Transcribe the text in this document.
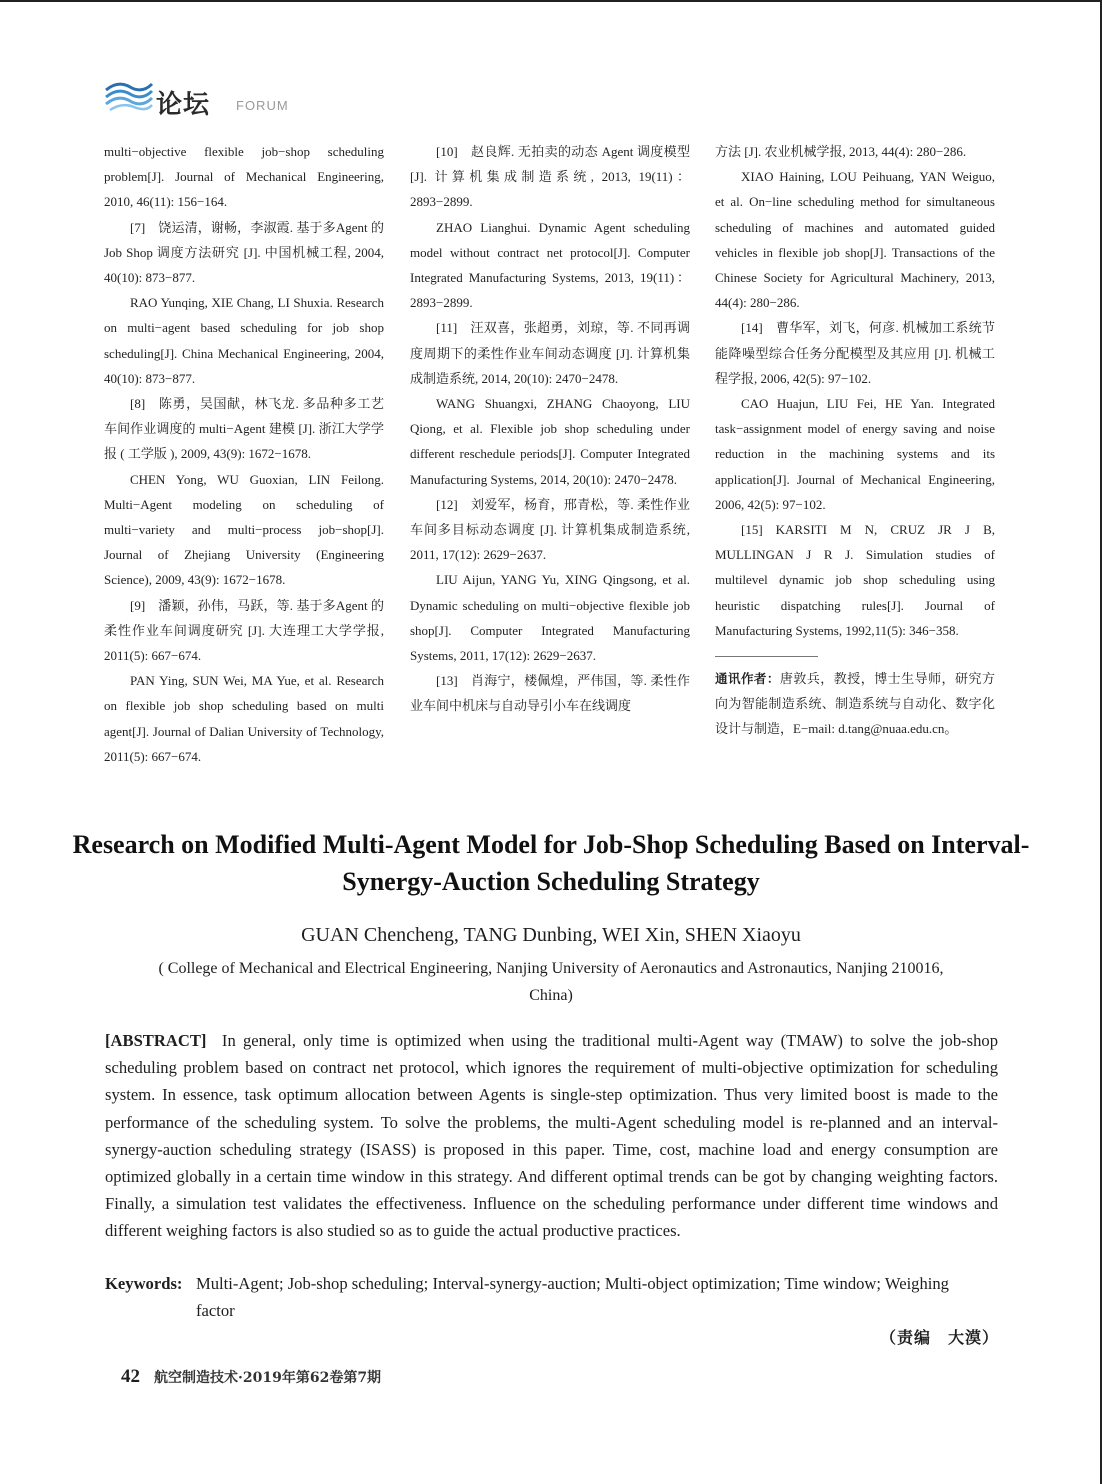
论坛 FORUM

multi−objective flexible job−shop scheduling problem[J]. Journal of Mechanical Engineering, 2010, 46(11): 156−164.

[7] 饶运清，谢畅，李淑霞. 基于多Agent 的 Job Shop 调度方法研究 [J]. 中国机械工程, 2004, 40(10): 873−877.

RAO Yunqing, XIE Chang, LI Shuxia. Research on multi−agent based scheduling for job shop scheduling[J]. China Mechanical Engineering, 2004, 40(10): 873−877.

[8] 陈勇，吴国献，林飞龙. 多品种多工艺车间作业调度的 multi−Agent 建模 [J]. 浙江大学学报 ( 工学版 ), 2009, 43(9): 1672−1678.

CHEN Yong, WU Guoxian, LIN Feilong. Multi−Agent modeling on scheduling of multi−variety and multi−process job−shop[J]. Journal of Zhejiang University (Engineering Science), 2009, 43(9): 1672−1678.

[9] 潘颖，孙伟，马跃，等. 基于多Agent 的柔性作业车间调度研究 [J]. 大连理工大学学报, 2011(5): 667−674.

PAN Ying, SUN Wei, MA Yue, et al. Research on flexible job shop scheduling based on multi agent[J]. Journal of Dalian University of Technology, 2011(5): 667−674.

[10] 赵良辉. 无拍卖的动态 Agent 调度模型 [J]. 计算机集成制造系统, 2013, 19(11)：2893−2899.

ZHAO Lianghui. Dynamic Agent scheduling model without contract net protocol[J]. Computer Integrated Manufacturing Systems, 2013, 19(11)：2893−2899.

[11] 汪双喜，张超勇，刘琼，等. 不同再调度周期下的柔性作业车间动态调度 [J]. 计算机集成制造系统, 2014, 20(10): 2470−2478.

WANG Shuangxi, ZHANG Chaoyong, LIU Qiong, et al. Flexible job shop scheduling under different reschedule periods[J]. Computer Integrated Manufacturing Systems, 2014, 20(10): 2470−2478.

[12] 刘爱军，杨育，邢青松，等. 柔性作业车间多目标动态调度 [J]. 计算机集成制造系统, 2011, 17(12): 2629−2637.

LIU Aijun, YANG Yu, XING Qingsong, et al. Dynamic scheduling on multi−objective flexible job shop[J]. Computer Integrated Manufacturing Systems, 2011, 17(12): 2629−2637.

[13] 肖海宁，楼佩煌，严伟国，等. 柔性作业车间中机床与自动导引小车在线调度

方法 [J]. 农业机械学报, 2013, 44(4): 280−286.

XIAO Haining, LOU Peihuang, YAN Weiguo, et al. On−line scheduling method for simultaneous scheduling of machines and automated guided vehicles in flexible job shop[J]. Transactions of the Chinese Society for Agricultural Machinery, 2013, 44(4): 280−286.

[14] 曹华军，刘飞，何彦. 机械加工系统节能降噪型综合任务分配模型及其应用 [J]. 机械工程学报, 2006, 42(5): 97−102.

CAO Huajun, LIU Fei, HE Yan. Integrated task−assignment model of energy saving and noise reduction in the machining systems and its application[J]. Journal of Mechanical Engineering, 2006, 42(5): 97−102.

[15] KARSITI M N, CRUZ JR J B, MULLINGAN J R J. Simulation studies of multilevel dynamic job shop scheduling using heuristic dispatching rules[J]. Journal of Manufacturing Systems, 1992,11(5): 346−358.

通讯作者：唐敦兵，教授，博士生导师，研究方向为智能制造系统、制造系统与自动化、数字化设计与制造，E−mail: d.tang@nuaa.edu.cn。

Research on Modified Multi-Agent Model for Job-Shop Scheduling Based on Interval-Synergy-Auction Scheduling Strategy
GUAN Chencheng, TANG Dunbing, WEI Xin, SHEN Xiaoyu
( College of Mechanical and Electrical Engineering, Nanjing University of Aeronautics and Astronautics, Nanjing 210016, China)

[ABSTRACT]  In general, only time is optimized when using the traditional multi-Agent way (TMAW) to solve the job-shop scheduling problem based on contract net protocol, which ignores the requirement of multi-objective optimization for scheduling system. In essence, task optimum allocation between Agents is single-step optimization. Thus very limited boost is made to the performance of the scheduling system. To solve the problems, the multi-Agent scheduling model is re-planned and an interval-synergy-auction scheduling strategy (ISASS) is proposed in this paper. Time, cost, machine load and energy consumption are optimized globally in a certain time window in this strategy. And different optimal trends can be got by changing weighting factors. Finally, a simulation test validates the effectiveness. Influence on the scheduling performance under different time windows and different weighing factors is also studied so as to guide the actual productive practices.

Keywords: Multi-Agent; Job-shop scheduling; Interval-synergy-auction; Multi-object optimization; Time window; Weighing factor
（责编 大漠）
42 航空制造技术·2019年第62卷第7期
